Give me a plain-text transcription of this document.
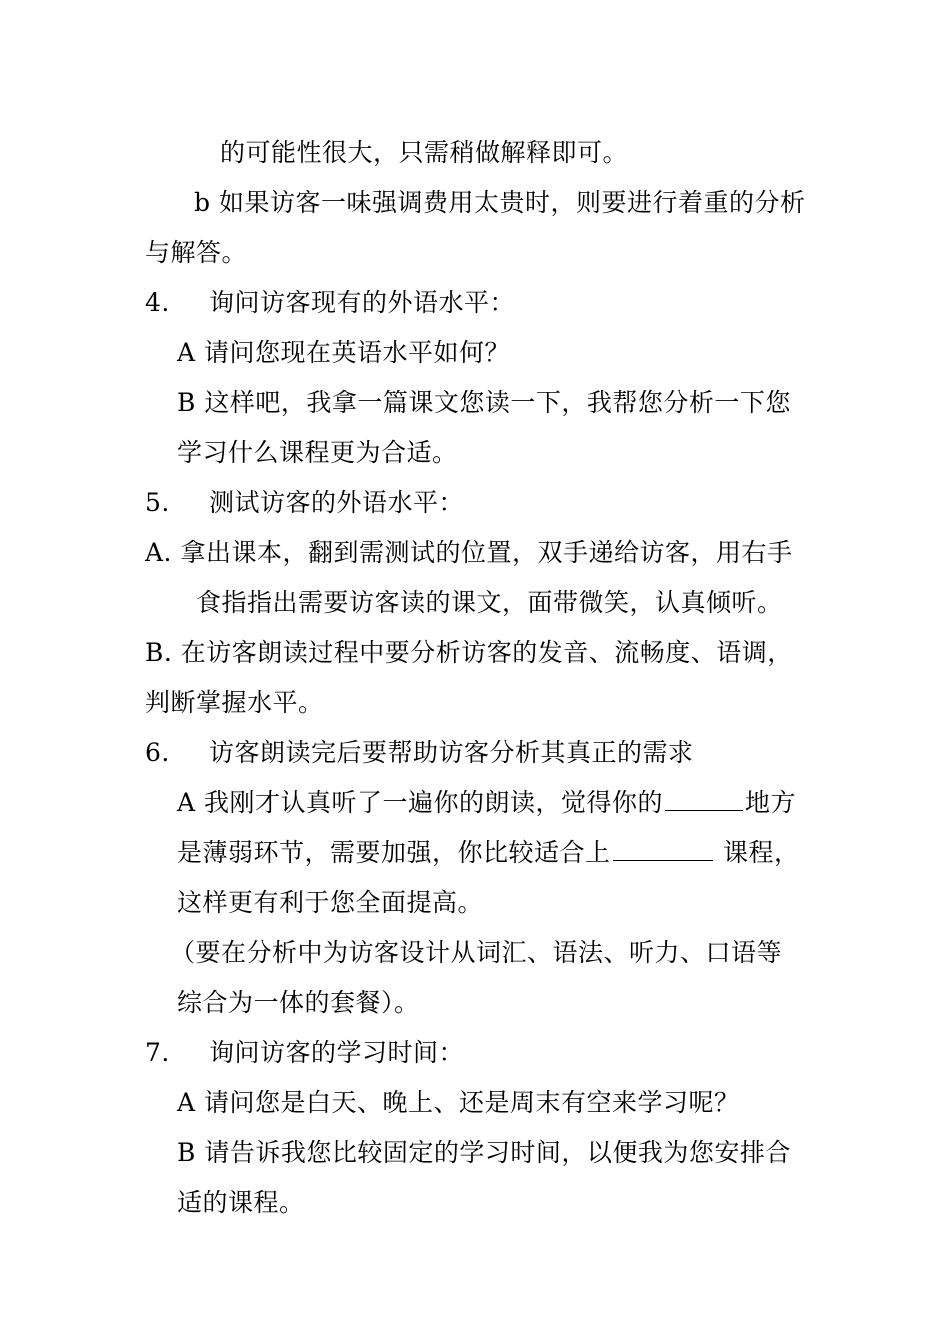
的可能性很大，只需稍做解释即可。
b 如果访客一味强调费用太贵时，则要进行着重的分析
与解答。
4. 询问访客现有的外语水平：
A 请问您现在英语水平如何？
B 这样吧，我拿一篇课文您读一下，我帮您分析一下您
学习什么课程更为合适。
5. 测试访客的外语水平：
A. 拿出课本，翻到需测试的位置，双手递给访客，用右手
食指指出需要访客读的课文，面带微笑，认真倾听。
B. 在访客朗读过程中要分析访客的发音、流畅度、语调，
判断掌握水平。
6. 访客朗读完后要帮助访客分析其真正的需求
A 我刚才认真听了一遍你的朗读，觉得你的	地方
是薄弱环节，需要加强，你比较适合上	课程，
这样更有利于您全面提高。
（要在分析中为访客设计从词汇、语法、听力、口语等
综合为一体的套餐）。
7. 询问访客的学习时间：
A 请问您是白天、晚上、还是周末有空来学习呢？
B 请告诉我您比较固定的学习时间，以便我为您安排合
适的课程。
